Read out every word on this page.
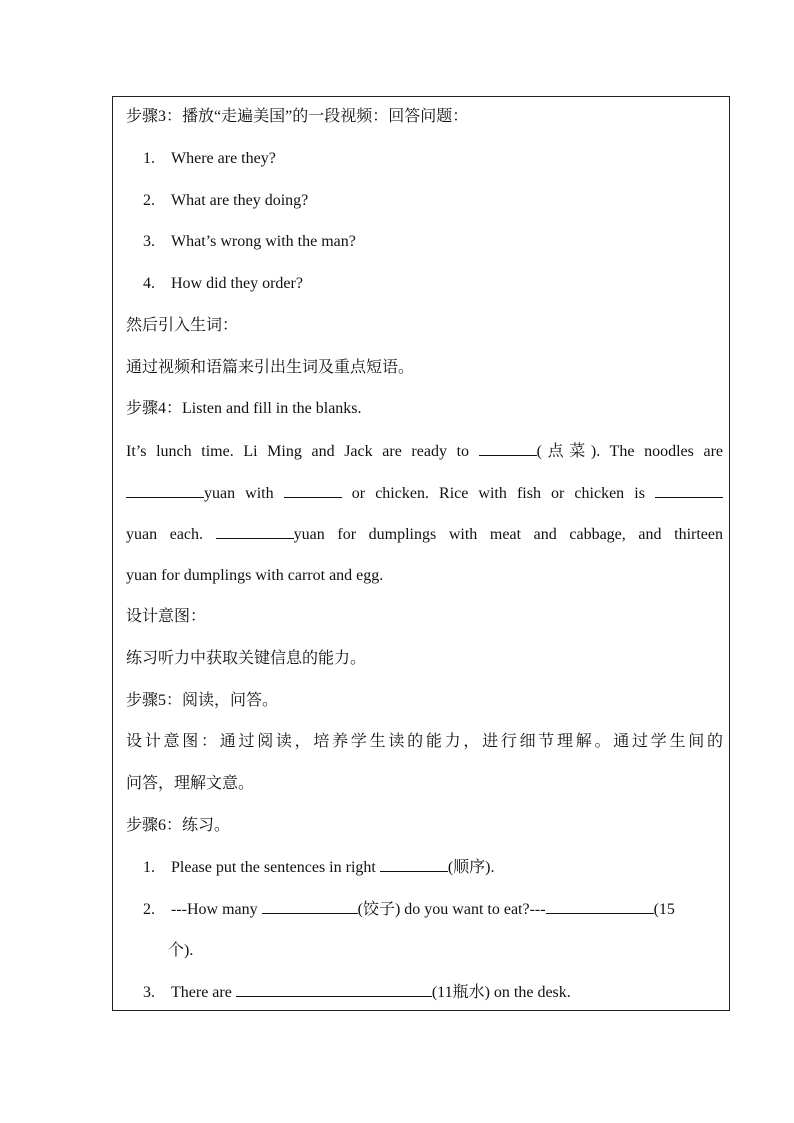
步骤3：播放“走遍美国”的一段视频：回答问题：
1. Where are they?
2. What are they doing?
3. What’s wrong with the man?
4. How did they order?
然后引入生词：
通过视频和语篇来引出生词及重点短语。
步骤4：Listen and fill in the blanks.
It’s lunch time. Li Ming and Jack are ready to	(点菜). The noodles are
yuan with	or chicken. Rice with fish or chicken is
yuan each.	yuan for dumplings with meat and cabbage, and thirteen
yuan for dumplings with carrot and egg.
设计意图：
练习听力中获取关键信息的能力。
步骤5：阅读，问答。
设计意图：通过阅读，培养学生读的能力，进行细节理解。通过学生间的
问答，理解文意。
步骤6：练习。
1. Please put the sentences in right	(顺序).
2. ---How many	(饺子) do you want to eat?---	(15
个).
3. There are	(11瓶水) on the desk.
